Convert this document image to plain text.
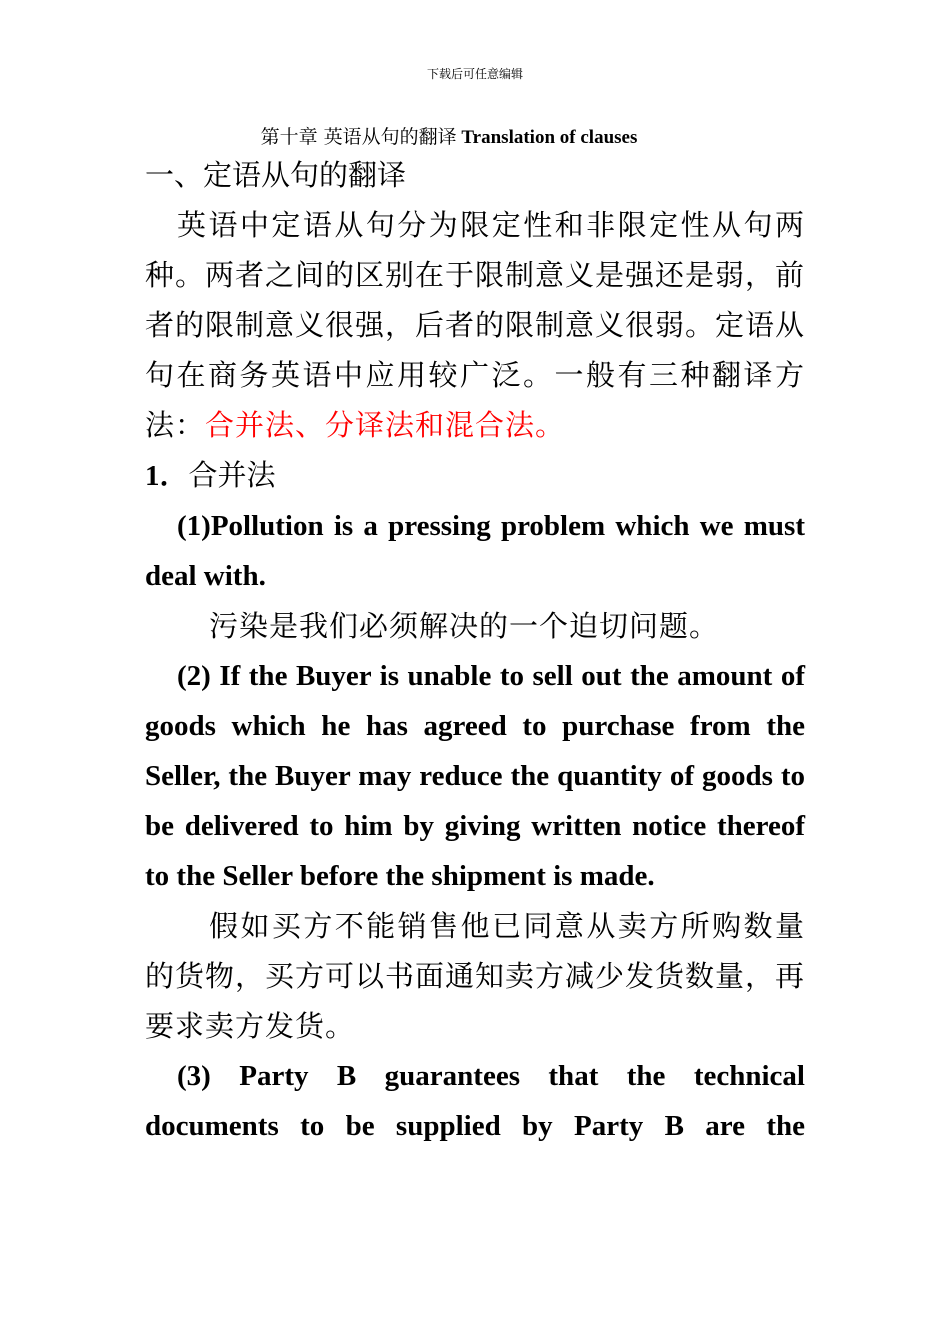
下载后可任意编辑
第十章 英语从句的翻译 Translation of clauses

一、定语从句的翻译

英语中定语从句分为限定性和非限定性从句两种。两者之间的区别在于限制意义是强还是弱，前者的限制意义很强，后者的限制意义很弱。定语从句在商务英语中应用较广泛。一般有三种翻译方法：合并法、分译法和混合法。

1．合并法

(1)Pollution is a pressing problem which we must deal with.

污染是我们必须解决的一个迫切问题。

(2) If the Buyer is unable to sell out the amount of goods which he has agreed to purchase from the Seller, the Buyer may reduce the quantity of goods to be delivered to him by giving written notice thereof to the Seller before the shipment is made.

假如买方不能销售他已同意从卖方所购数量的货物，买方可以书面通知卖方减少发货数量，再要求卖方发货。

(3) Party B guarantees that the technical documents to be supplied by Party B are the
